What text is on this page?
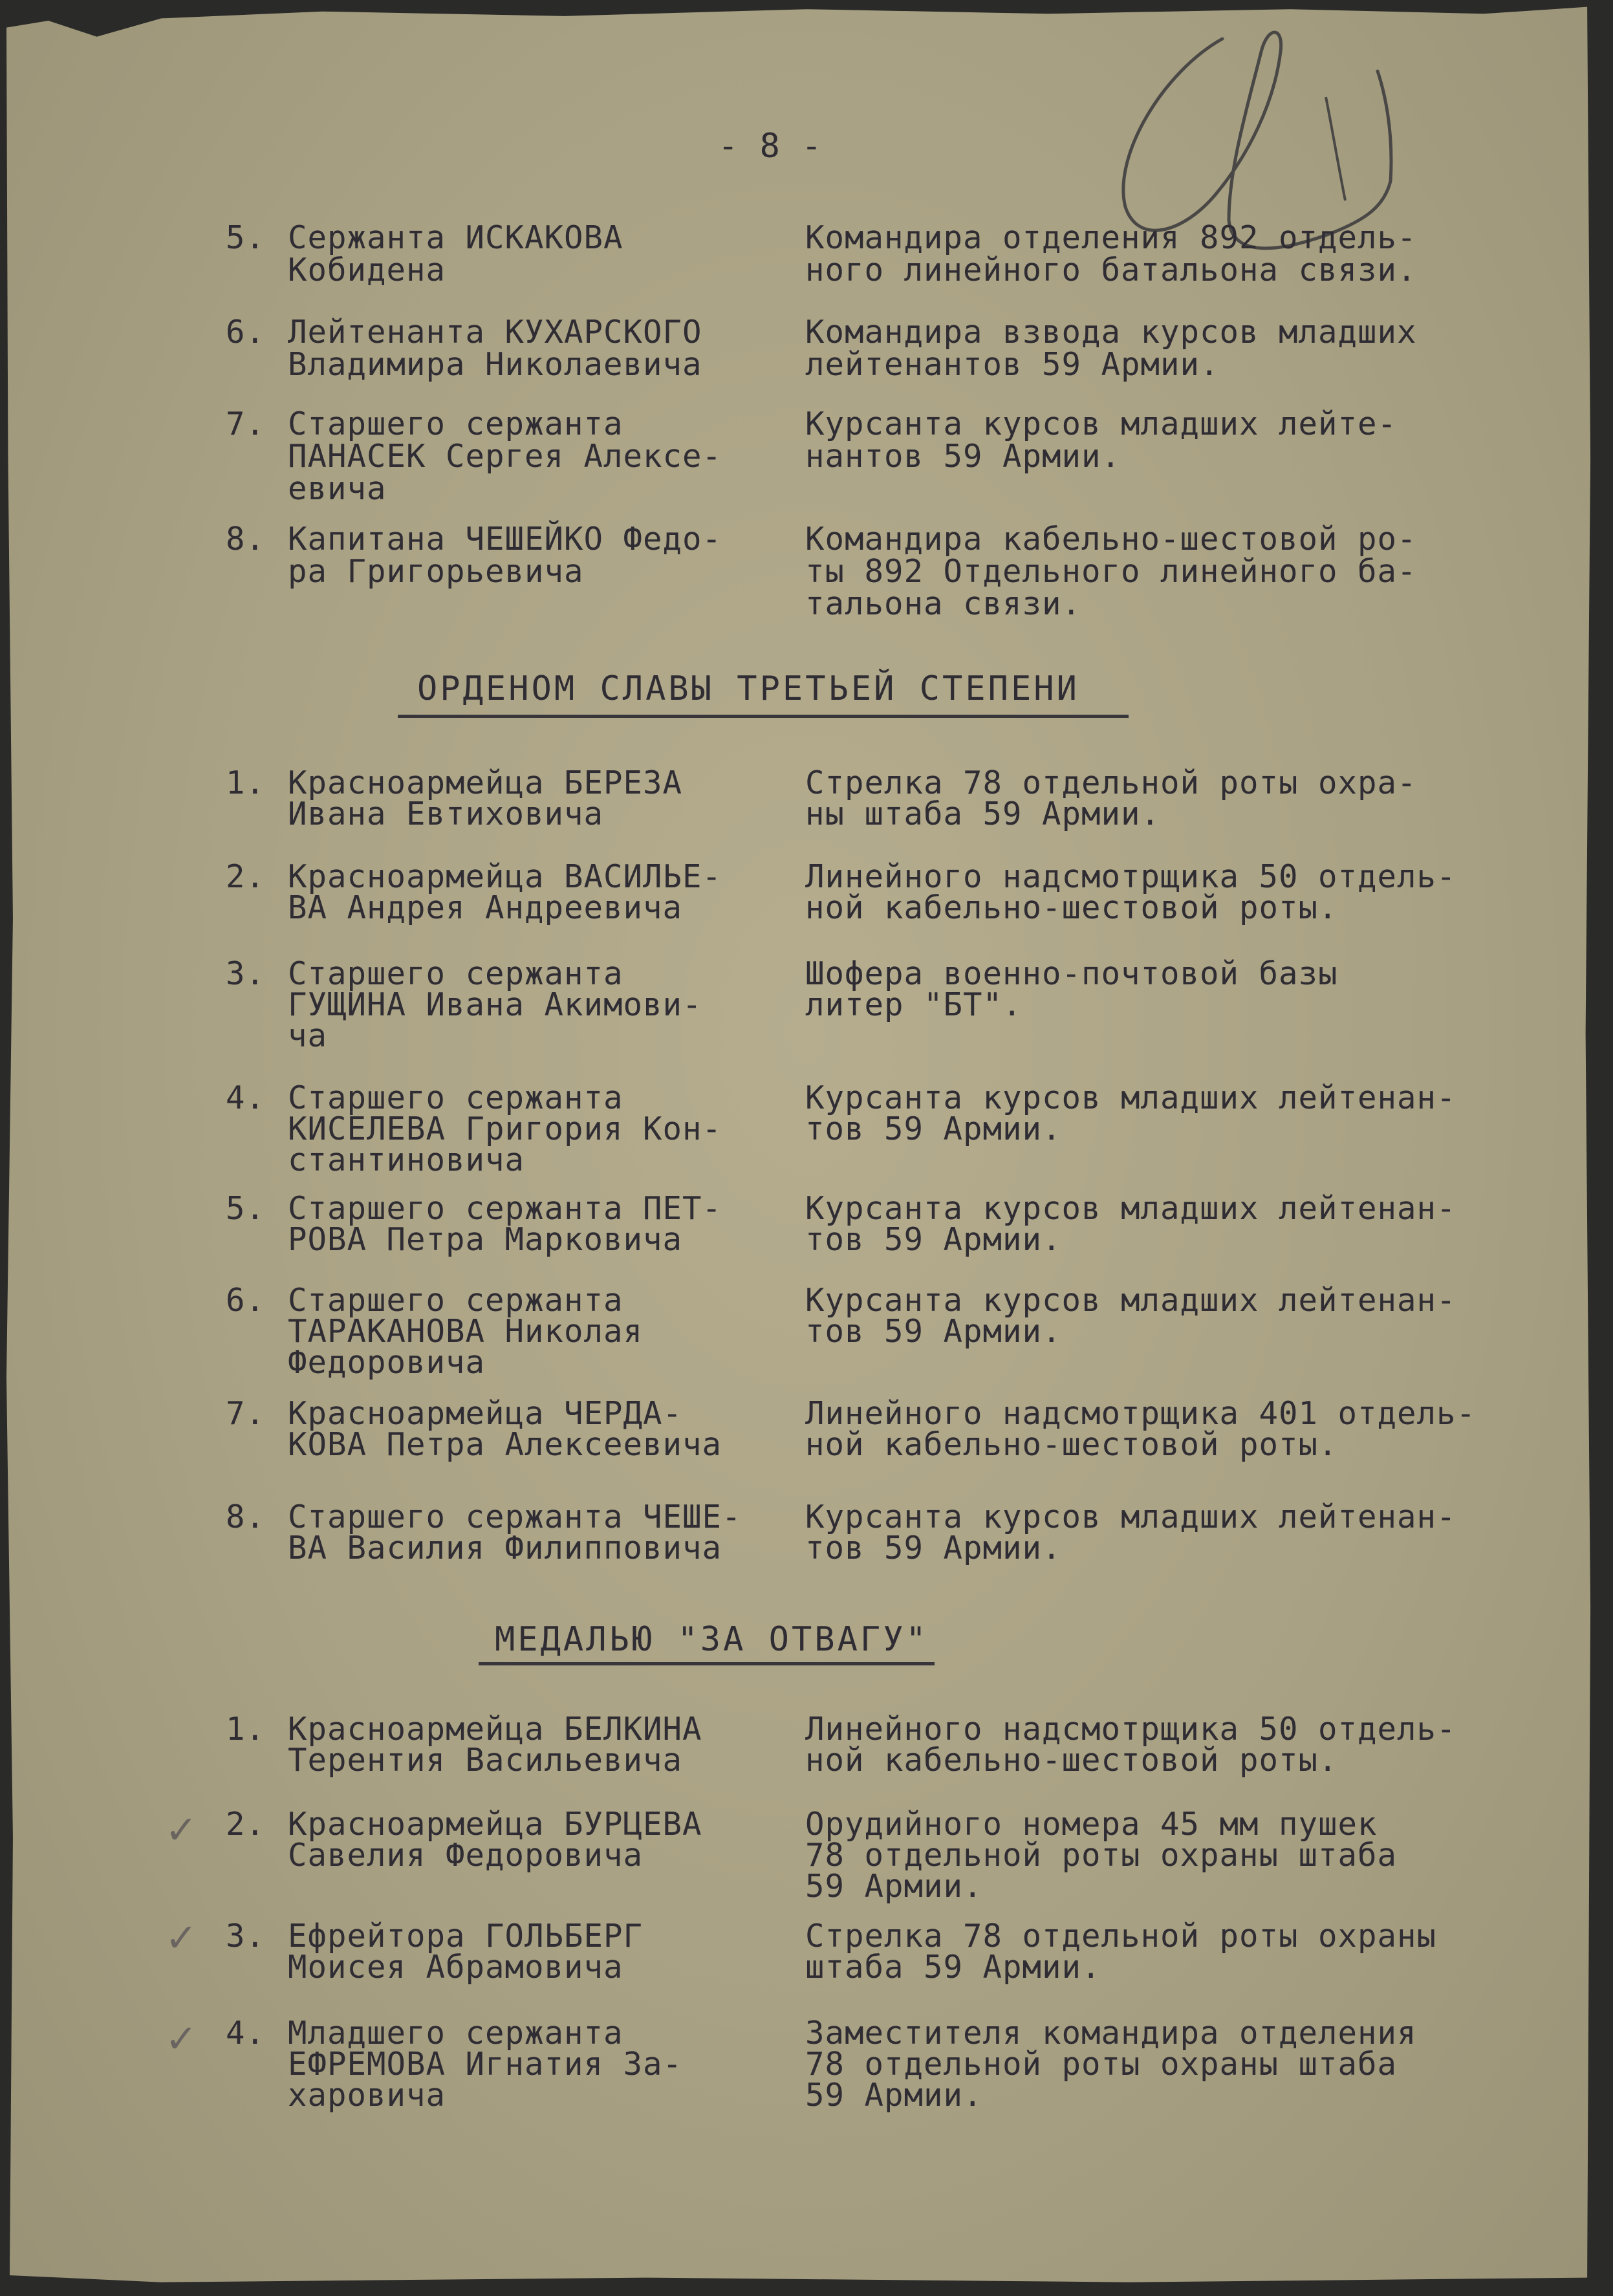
- 8 -
5. Сержанта ИСКАКОВА
Кобидена
Командира отделения 892 отдель-
ного линейного батальона связи.
6. Лейтенанта КУХАРСКОГО
Владимира Николаевича
Командира взвода курсов младших
лейтенантов 59 Армии.
7. Старшего сержанта
ПАНАСЕК Сергея Алексе-
евича
Курсанта курсов младших лейте-
нантов 59 Армии.
8. Капитана ЧЕШЕЙКО Федо-
ра Григорьевича
Командира кабельно-шестовой ро-
ты 892 Отдельного линейного ба-
тальона связи.
ОРДЕНОМ СЛАВЫ ТРЕТЬЕЙ СТЕПЕНИ
1. Красноармейца БЕРЕЗА
Ивана Евтиховича
Стрелка 78 отдельной роты охра-
ны штаба 59 Армии.
2. Красноармейца ВАСИЛЬЕ-
ВА Андрея Андреевича
Линейного надсмотрщика 50 отдель-
ной кабельно-шестовой роты.
3. Старшего сержанта
ГУЩИНА Ивана Акимови-
ча
Шофера военно-почтовой базы
литер "БТ".
4. Старшего сержанта
КИСЕЛЕВА Григория Кон-
стантиновича
Курсанта курсов младших лейтенан-
тов 59 Армии.
5. Старшего сержанта ПЕТ-
РОВА Петра Марковича
Курсанта курсов младших лейтенан-
тов 59 Армии.
6. Старшего сержанта
ТАРАКАНОВА Николая
Федоровича
Курсанта курсов младших лейтенан-
тов 59 Армии.
7. Красноармейца ЧЕРДА-
КОВА Петра Алексеевича
Линейного надсмотрщика 401 отдель-
ной кабельно-шестовой роты.
8. Старшего сержанта ЧЕШЕ-
ВА Василия Филипповича
Курсанта курсов младших лейтенан-
тов 59 Армии.
МЕДАЛЬЮ "ЗА ОТВАГУ"
1. Красноармейца БЕЛКИНА
Терентия Васильевича
Линейного надсмотрщика 50 отдель-
ной кабельно-шестовой роты.
2. Красноармейца БУРЦЕВА
Савелия Федоровича
Орудийного номера 45 мм пушек
78 отдельной роты охраны штаба
59 Армии.
3. Ефрейтора ГОЛЬБЕРГ
Моисея Абрамовича
Стрелка 78 отдельной роты охраны
штаба 59 Армии.
4. Младшего сержанта
ЕФРЕМОВА Игнатия За-
харовича
Заместителя командира отделения
78 отдельной роты охраны штаба
59 Армии.
✓
✓
✓
